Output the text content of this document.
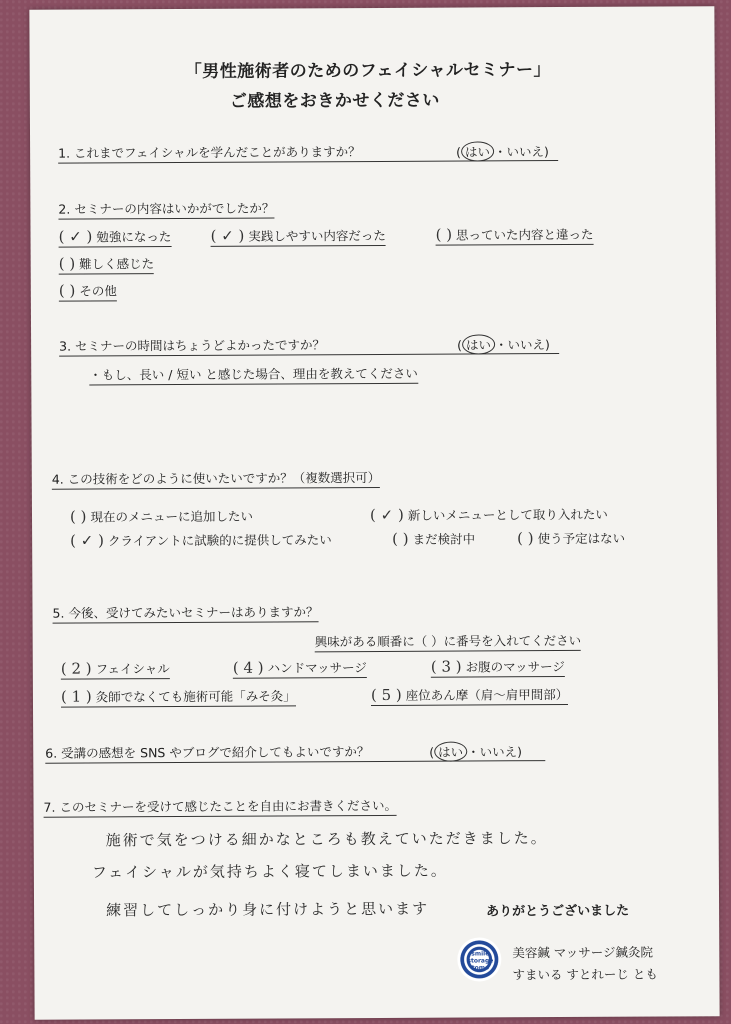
「男性施術者のためのフェイシャルセミナー」
ご感想をおきかせください
1. これまでフェイシャルを学んだことがありますか？	( はい ・いいえ)
2. セミナーの内容はいかがでしたか？
( ✓ ) 勉強になった	( ✓ ) 実践しやすい内容だった	( ) 思っていた内容と違った
( ) 難しく感じた
( ) その他
3. セミナーの時間はちょうどよかったですか？	( はい ・いいえ)
・もし、長い / 短い と感じた場合、理由を教えてください
4. この技術をどのように使いたいですか？（複数選択可）
( ) 現在のメニューに追加したい	( ✓ ) 新しいメニューとして取り入れたい
( ✓ ) クライアントに試験的に提供してみたい	( ) まだ検討中	( ) 使う予定はない
5. 今後、受けてみたいセミナーはありますか？
興味がある順番に（ ）に番号を入れてください
( 2 ) フェイシャル	( 4 ) ハンドマッサージ	( 3 ) お腹のマッサージ
( 1 ) 灸師でなくても施術可能「みそ灸」	( 5 ) 座位あん摩（肩〜肩甲間部）
6. 受講の感想を SNS やブログで紹介してもよいですか？	( はい ・いいえ)
7. このセミナーを受けて感じたことを自由にお書きください。
施術で気をつける細かなところも教えていただきました。
フェイシャルが気持ちよく寝てしまいました。
練習してしっかり身に付けようと思います	ありがとうございました
smile storage tomo
美容鍼 マッサージ鍼灸院
すまいる すとれーじ とも
